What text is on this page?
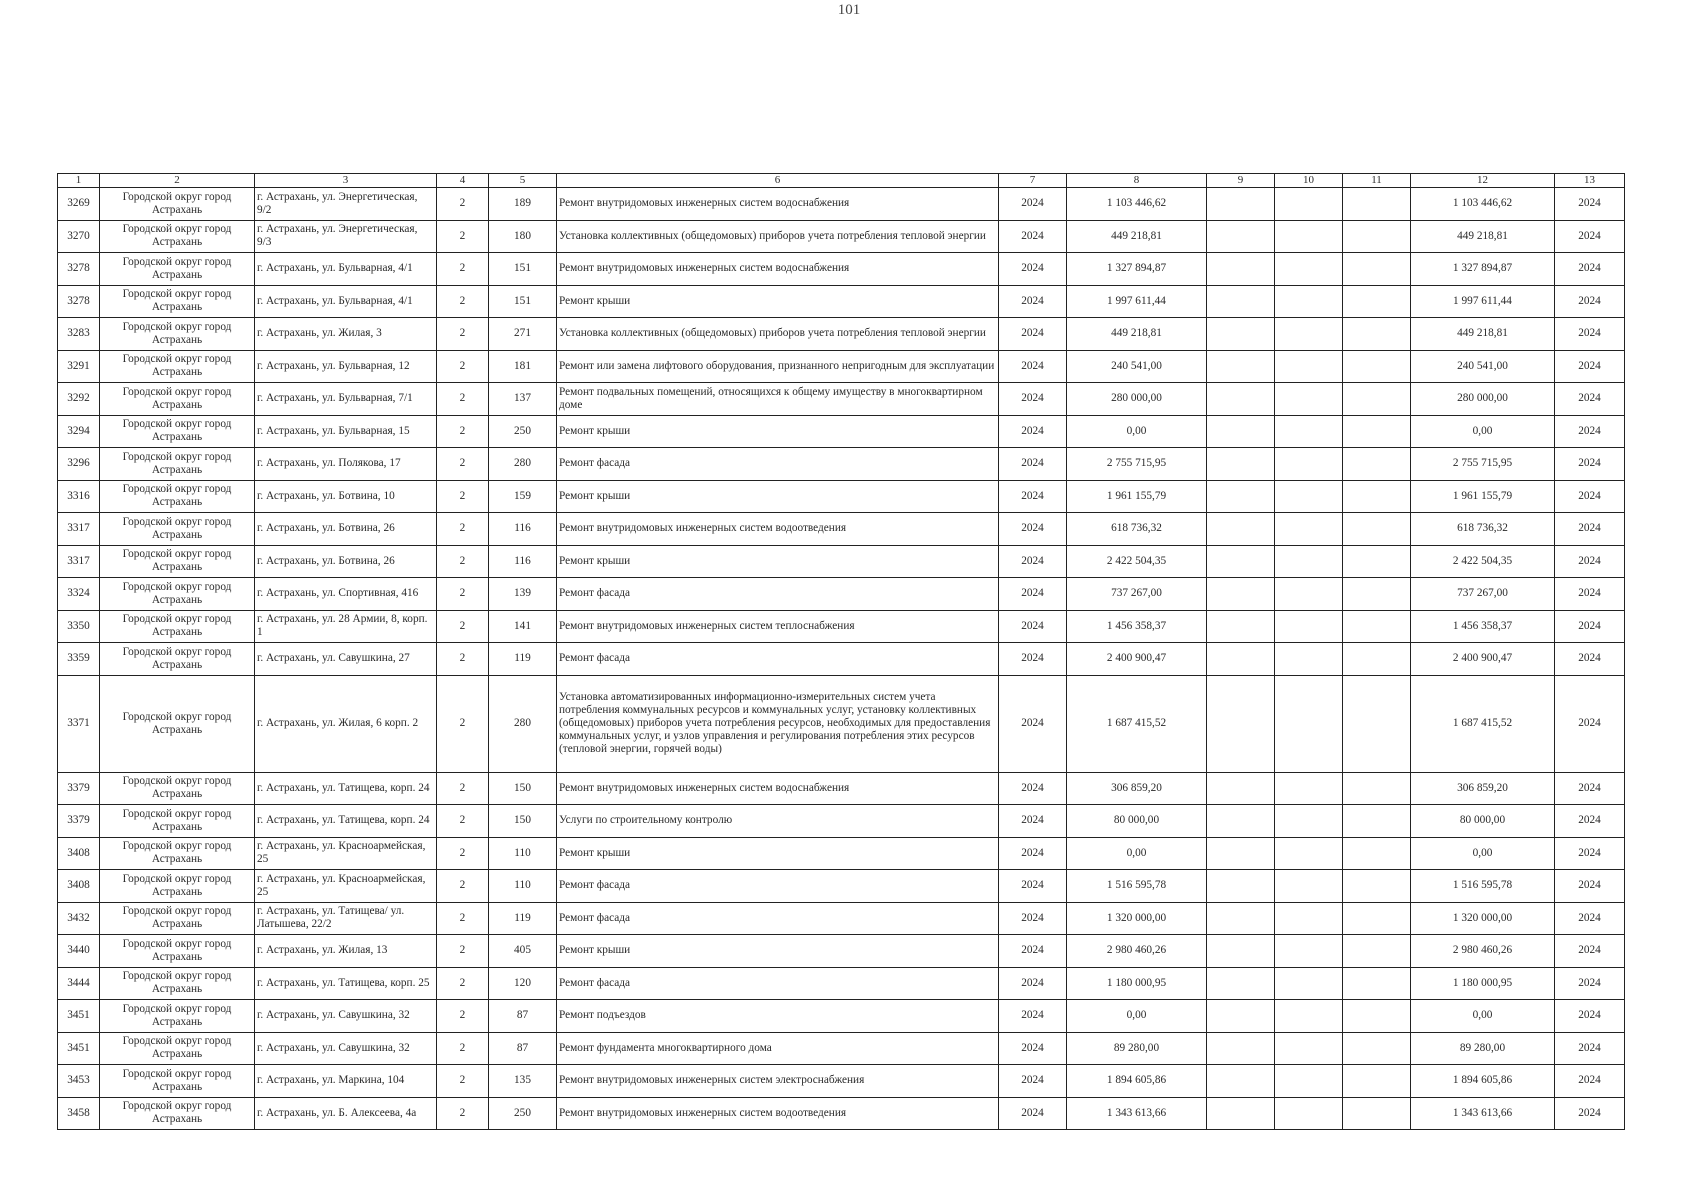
101
1	2	3	4	5	6	7	8	9	10	11	12	13
3269	Городской округ город Астрахань	г. Астрахань, ул. Энергетическая, 9/2	2	189	Ремонт внутридомовых инженерных систем водоснабжения	2024	1 103 446,62				1 103 446,62	2024
3270	Городской округ город Астрахань	г. Астрахань, ул. Энергетическая, 9/3	2	180	Установка коллективных (общедомовых) приборов учета потребления тепловой энергии	2024	449 218,81				449 218,81	2024
3278	Городской округ город Астрахань	г. Астрахань, ул. Бульварная, 4/1	2	151	Ремонт внутридомовых инженерных систем водоснабжения	2024	1 327 894,87				1 327 894,87	2024
3278	Городской округ город Астрахань	г. Астрахань, ул. Бульварная, 4/1	2	151	Ремонт крыши	2024	1 997 611,44				1 997 611,44	2024
3283	Городской округ город Астрахань	г. Астрахань, ул. Жилая, 3	2	271	Установка коллективных (общедомовых) приборов учета потребления тепловой энергии	2024	449 218,81				449 218,81	2024
3291	Городской округ город Астрахань	г. Астрахань, ул. Бульварная, 12	2	181	Ремонт или замена лифтового оборудования, признанного непригодным для эксплуатации	2024	240 541,00				240 541,00	2024
3292	Городской округ город Астрахань	г. Астрахань, ул. Бульварная, 7/1	2	137	Ремонт подвальных помещений, относящихся к общему имуществу в многоквартирном доме	2024	280 000,00				280 000,00	2024
3294	Городской округ город Астрахань	г. Астрахань, ул. Бульварная, 15	2	250	Ремонт крыши	2024	0,00				0,00	2024
3296	Городской округ город Астрахань	г. Астрахань, ул. Полякова, 17	2	280	Ремонт фасада	2024	2 755 715,95				2 755 715,95	2024
3316	Городской округ город Астрахань	г. Астрахань, ул. Ботвина, 10	2	159	Ремонт крыши	2024	1 961 155,79				1 961 155,79	2024
3317	Городской округ город Астрахань	г. Астрахань, ул. Ботвина, 26	2	116	Ремонт внутридомовых инженерных систем водоотведения	2024	618 736,32				618 736,32	2024
3317	Городской округ город Астрахань	г. Астрахань, ул. Ботвина, 26	2	116	Ремонт крыши	2024	2 422 504,35				2 422 504,35	2024
3324	Городской округ город Астрахань	г. Астрахань, ул. Спортивная, 416	2	139	Ремонт фасада	2024	737 267,00				737 267,00	2024
3350	Городской округ город Астрахань	г. Астрахань, ул. 28 Армии, 8, корп. 1	2	141	Ремонт внутридомовых инженерных систем теплоснабжения	2024	1 456 358,37				1 456 358,37	2024
3359	Городской округ город Астрахань	г. Астрахань, ул. Савушкина, 27	2	119	Ремонт фасада	2024	2 400 900,47				2 400 900,47	2024
3371	Городской округ город Астрахань	г. Астрахань, ул. Жилая, 6 корп. 2	2	280	Установка автоматизированных информационно-измерительных систем учета потребления коммунальных ресурсов и коммунальных услуг, установку коллективных (общедомовых) приборов учета потребления ресурсов, необходимых для предоставления коммунальных услуг, и узлов управления и регулирования потребления этих ресурсов (тепловой энергии, горячей воды)	2024	1 687 415,52				1 687 415,52	2024
3379	Городской округ город Астрахань	г. Астрахань, ул. Татищева, корп. 24	2	150	Ремонт внутридомовых инженерных систем водоснабжения	2024	306 859,20				306 859,20	2024
3379	Городской округ город Астрахань	г. Астрахань, ул. Татищева, корп. 24	2	150	Услуги по строительному контролю	2024	80 000,00				80 000,00	2024
3408	Городской округ город Астрахань	г. Астрахань, ул. Красноармейская, 25	2	110	Ремонт крыши	2024	0,00				0,00	2024
3408	Городской округ город Астрахань	г. Астрахань, ул. Красноармейская, 25	2	110	Ремонт фасада	2024	1 516 595,78				1 516 595,78	2024
3432	Городской округ город Астрахань	г. Астрахань, ул. Татищева/ ул. Латышева, 22/2	2	119	Ремонт фасада	2024	1 320 000,00				1 320 000,00	2024
3440	Городской округ город Астрахань	г. Астрахань, ул. Жилая, 13	2	405	Ремонт крыши	2024	2 980 460,26				2 980 460,26	2024
3444	Городской округ город Астрахань	г. Астрахань, ул. Татищева, корп. 25	2	120	Ремонт фасада	2024	1 180 000,95				1 180 000,95	2024
3451	Городской округ город Астрахань	г. Астрахань, ул. Савушкина, 32	2	87	Ремонт подъездов	2024	0,00				0,00	2024
3451	Городской округ город Астрахань	г. Астрахань, ул. Савушкина, 32	2	87	Ремонт фундамента многоквартирного дома	2024	89 280,00				89 280,00	2024
3453	Городской округ город Астрахань	г. Астрахань, ул. Маркина, 104	2	135	Ремонт внутридомовых инженерных систем электроснабжения	2024	1 894 605,86				1 894 605,86	2024
3458	Городской округ город Астрахань	г. Астрахань, ул. Б. Алексеева, 4а	2	250	Ремонт внутридомовых инженерных систем водоотведения	2024	1 343 613,66				1 343 613,66	2024
